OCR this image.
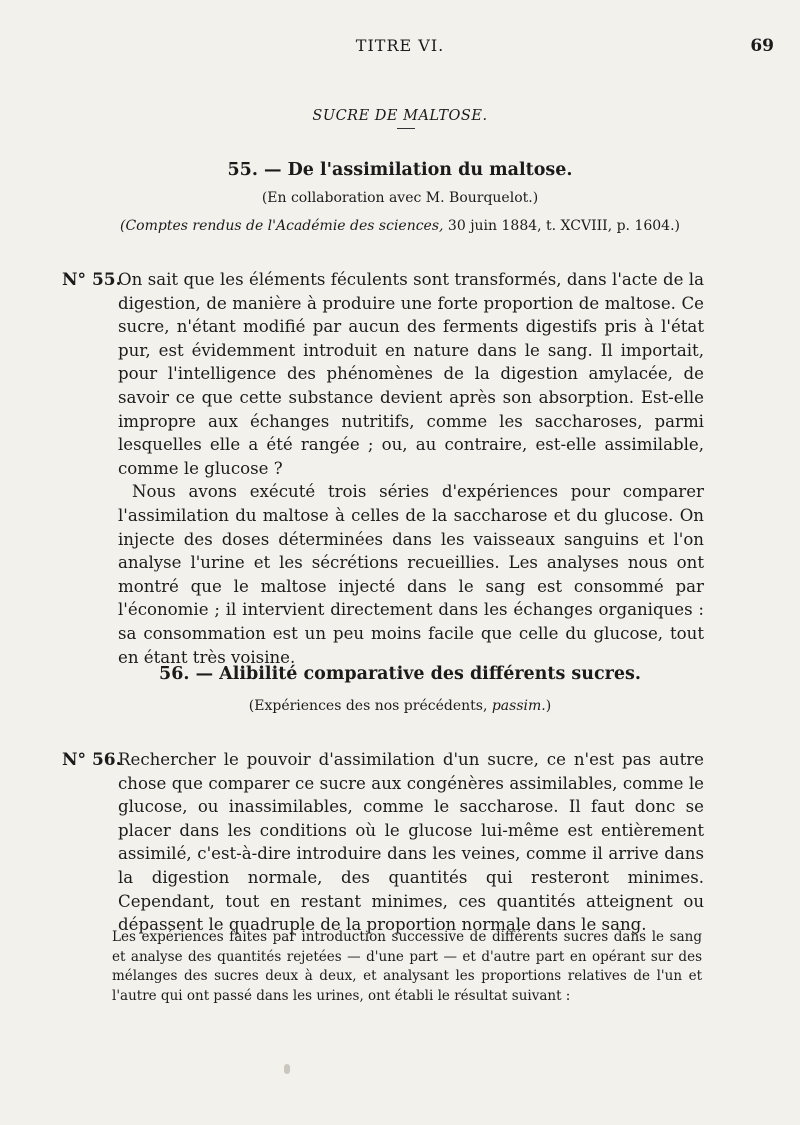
TITRE VI.	69
SUCRE DE MALTOSE.
55. — De l'assimilation du maltose.
(En collaboration avec M. Bourquelot.)
(Comptes rendus de l'Académie des sciences, 30 juin 1884, t. XCVIII, p. 1604.)
N° 55.

On sait que les éléments féculents sont transformés, dans l'acte de la digestion, de manière à produire une forte proportion de maltose. Ce sucre, n'étant modifié par aucun des ferments digestifs pris à l'état pur, est évidemment introduit en nature dans le sang. Il importait, pour l'intelligence des phénomènes de la digestion amylacée, de savoir ce que cette substance devient après son absorption. Est-elle impropre aux échanges nutritifs, comme les saccharoses, parmi lesquelles elle a été rangée ; ou, au contraire, est-elle assimilable, comme le glucose ?

Nous avons exécuté trois séries d'expériences pour comparer l'assimilation du maltose à celles de la saccharose et du glucose. On injecte des doses déterminées dans les vaisseaux sanguins et l'on analyse l'urine et les sécrétions recueillies. Les analyses nous ont montré que le maltose injecté dans le sang est consommé par l'économie ; il intervient directement dans les échanges organiques : sa consommation est un peu moins facile que celle du glucose, tout en étant très voisine.

56. — Alibilité comparative des différents sucres.
(Expériences des nos précédents, passim.)
N° 56.

Rechercher le pouvoir d'assimilation d'un sucre, ce n'est pas autre chose que comparer ce sucre aux congénères assimilables, comme le glucose, ou inassimilables, comme le saccharose. Il faut donc se placer dans les conditions où le glucose lui-même est entièrement assimilé, c'est-à-dire introduire dans les veines, comme il arrive dans la digestion normale, des quantités qui resteront minimes. Cependant, tout en restant minimes, ces quantités atteignent ou dépassent le quadruple de la proportion normale dans le sang.

Les expériences faites par introduction successive de différents sucres dans le sang et analyse des quantités rejetées — d'une part — et d'autre part en opérant sur des mélanges des sucres deux à deux, et analysant les proportions relatives de l'un et l'autre qui ont passé dans les urines, ont établi le résultat suivant :
